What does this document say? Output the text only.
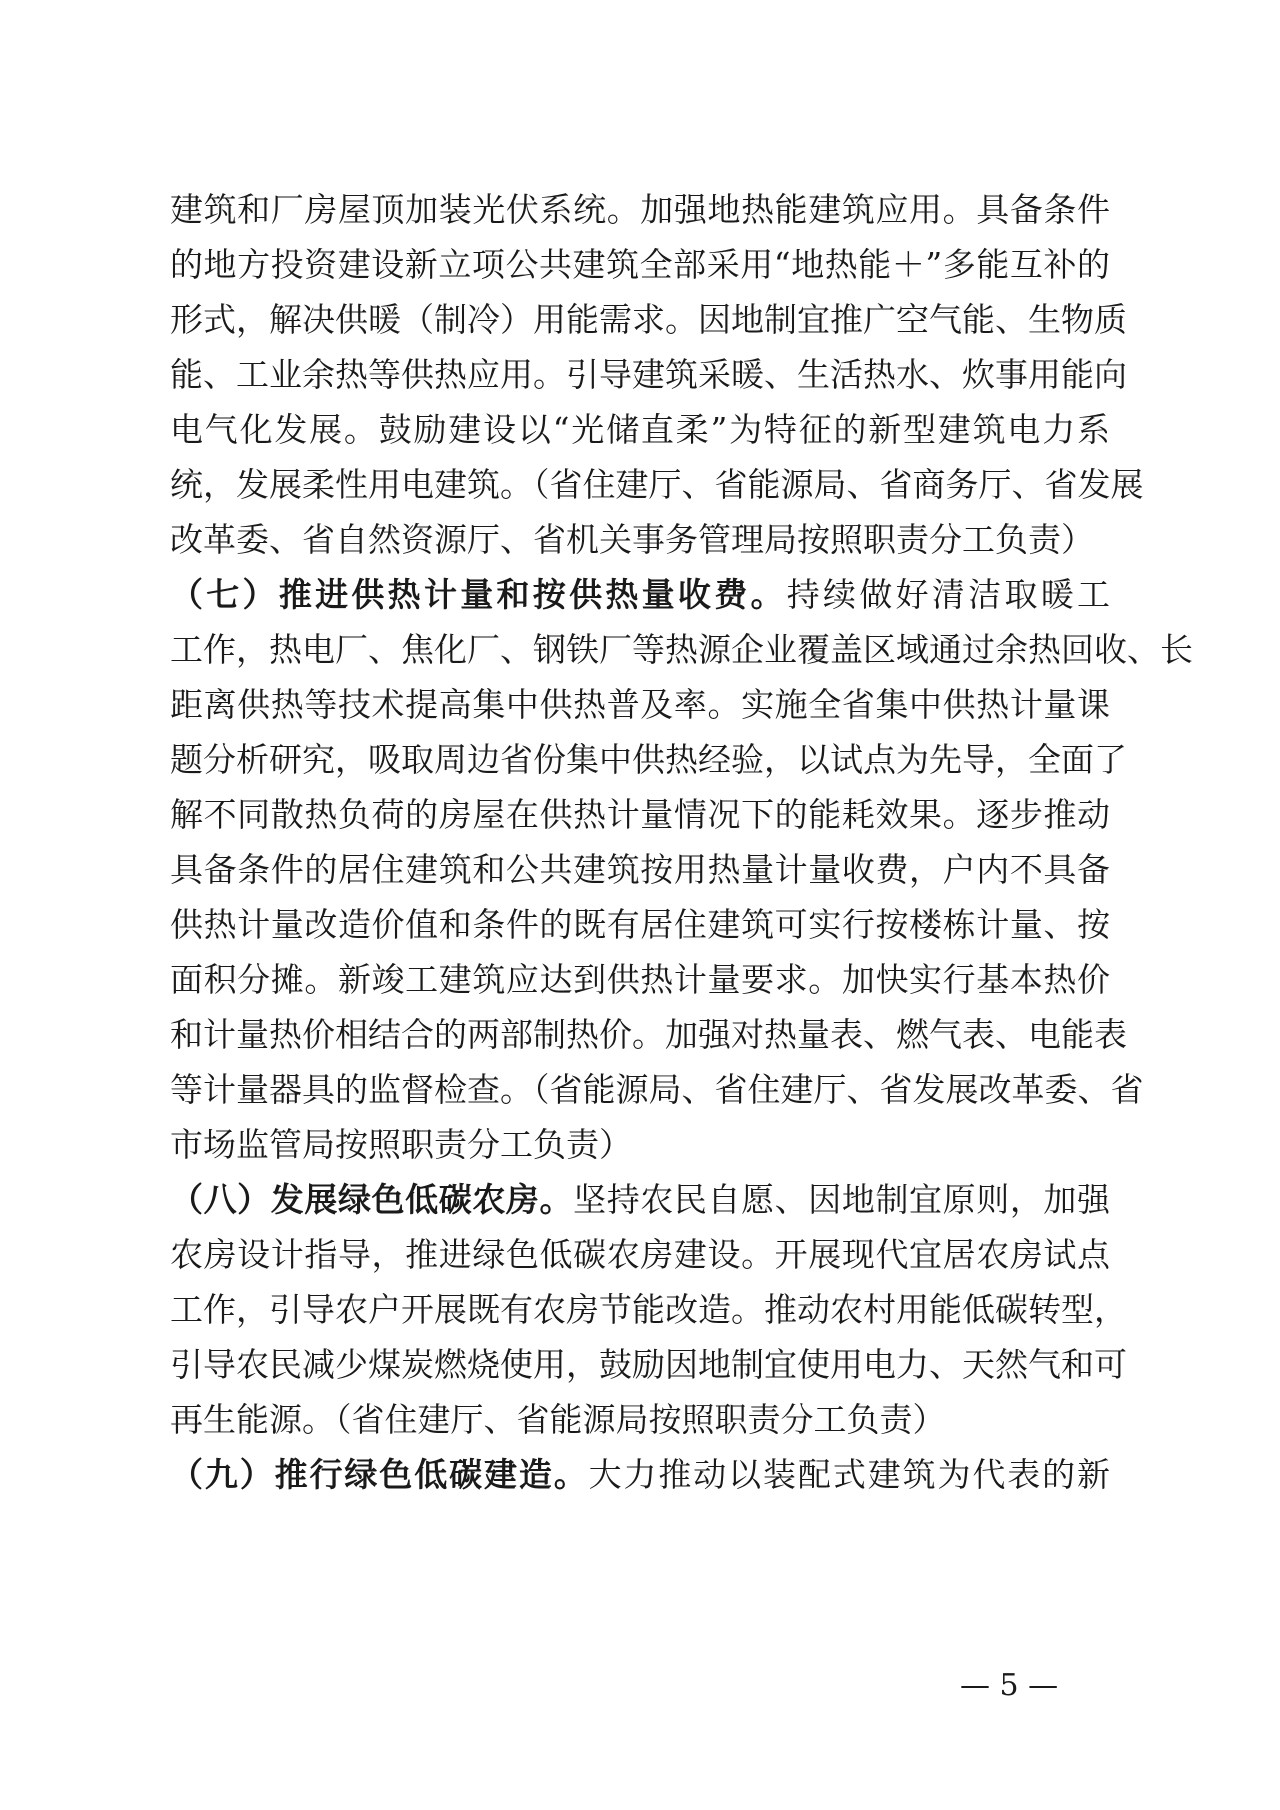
建筑和厂房屋顶加装光伏系统。加强地热能建筑应用。具备条件
的地方投资建设新立项公共建筑全部采用“地热能＋”多能互补的
形式，解决供暖（制冷）用能需求。因地制宜推广空气能、生物质
能、工业余热等供热应用。引导建筑采暖、生活热水、炊事用能向
电气化发展。鼓励建设以“光储直柔”为特征的新型建筑电力系
统，发展柔性用电建筑。（省住建厅、省能源局、省商务厅、省发展
改革委、省自然资源厅、省机关事务管理局按照职责分工负责）
（七）推进供热计量和按供热量收费。持续做好清洁取暖工
工作，热电厂、焦化厂、钢铁厂等热源企业覆盖区域通过余热回收、长
距离供热等技术提高集中供热普及率。实施全省集中供热计量课
题分析研究，吸取周边省份集中供热经验，以试点为先导，全面了
解不同散热负荷的房屋在供热计量情况下的能耗效果。逐步推动
具备条件的居住建筑和公共建筑按用热量计量收费，户内不具备
供热计量改造价值和条件的既有居住建筑可实行按楼栋计量、按
面积分摊。新竣工建筑应达到供热计量要求。加快实行基本热价
和计量热价相结合的两部制热价。加强对热量表、燃气表、电能表
等计量器具的监督检查。（省能源局、省住建厅、省发展改革委、省
市场监管局按照职责分工负责）
（八）发展绿色低碳农房。坚持农民自愿、因地制宜原则，加强
农房设计指导，推进绿色低碳农房建设。开展现代宜居农房试点
工作，引导农户开展既有农房节能改造。推动农村用能低碳转型，
引导农民减少煤炭燃烧使用，鼓励因地制宜使用电力、天然气和可
再生能源。（省住建厅、省能源局按照职责分工负责）
（九）推行绿色低碳建造。大力推动以装配式建筑为代表的新
— 5 —
